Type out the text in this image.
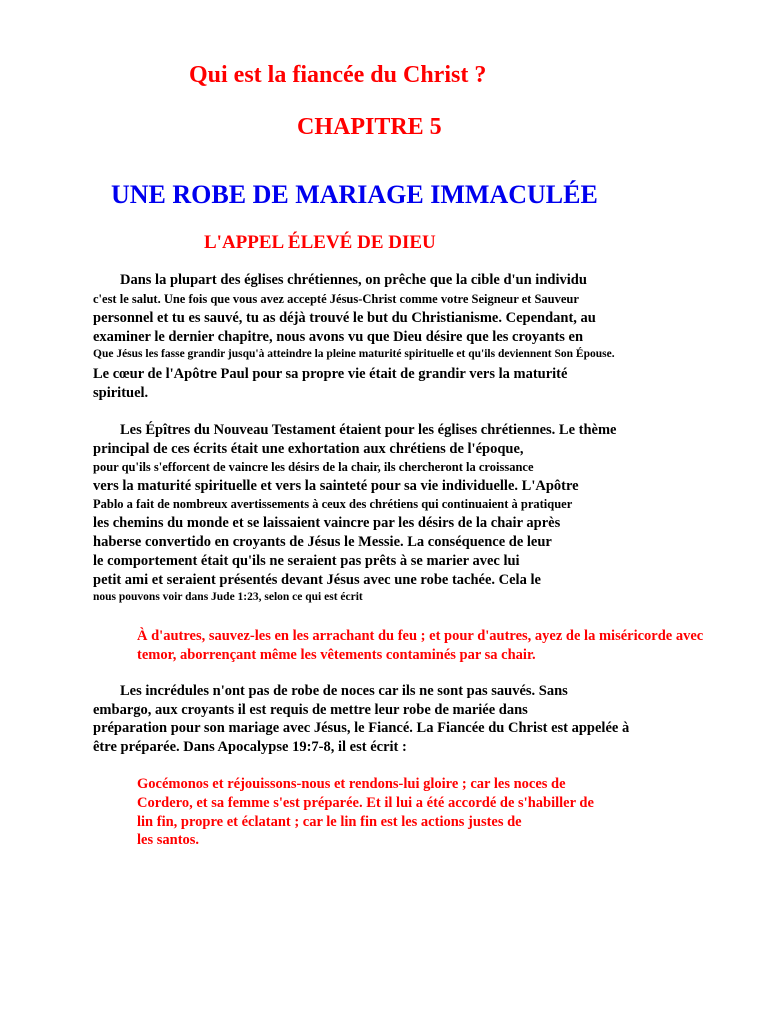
Qui est la fiancée du Christ ?
CHAPITRE 5
UNE ROBE DE MARIAGE IMMACULÉE
L'APPEL ÉLEVÉ DE DIEU
Dans la plupart des églises chrétiennes, on prêche que la cible d'un individu
c'est le salut. Une fois que vous avez accepté Jésus-Christ comme votre Seigneur et Sauveur
personnel et tu es sauvé, tu as déjà trouvé le but du Christianisme. Cependant, au
examiner le dernier chapitre, nous avons vu que Dieu désire que les croyants en
Que Jésus les fasse grandir jusqu'à atteindre la pleine maturité spirituelle et qu'ils deviennent Son Épouse.
Le cœur de l'Apôtre Paul pour sa propre vie était de grandir vers la maturité
spirituel.
Les Épîtres du Nouveau Testament étaient pour les églises chrétiennes. Le thème
principal de ces écrits était une exhortation aux chrétiens de l'époque,
pour qu'ils s'efforcent de vaincre les désirs de la chair, ils chercheront la croissance
vers la maturité spirituelle et vers la sainteté pour sa vie individuelle. L'Apôtre
Pablo a fait de nombreux avertissements à ceux des chrétiens qui continuaient à pratiquer
les chemins du monde et se laissaient vaincre par les désirs de la chair après
haberse convertido en croyants de Jésus le Messie. La conséquence de leur
le comportement était qu'ils ne seraient pas prêts à se marier avec lui
petit ami et seraient présentés devant Jésus avec une robe tachée. Cela le
nous pouvons voir dans Jude 1:23, selon ce qui est écrit
À d'autres, sauvez-les en les arrachant du feu ; et pour d'autres, ayez de la miséricorde avec
temor, aborrençant même les vêtements contaminés par sa chair.
Les incrédules n'ont pas de robe de noces car ils ne sont pas sauvés. Sans
embargo, aux croyants il est requis de mettre leur robe de mariée dans
préparation pour son mariage avec Jésus, le Fiancé. La Fiancée du Christ est appelée à
être préparée. Dans Apocalypse 19:7-8, il est écrit :
Gocémonos et réjouissons-nous et rendons-lui gloire ; car les noces de
Cordero, et sa femme s'est préparée. Et il lui a été accordé de s'habiller de
lin fin, propre et éclatant ; car le lin fin est les actions justes de
les santos.
